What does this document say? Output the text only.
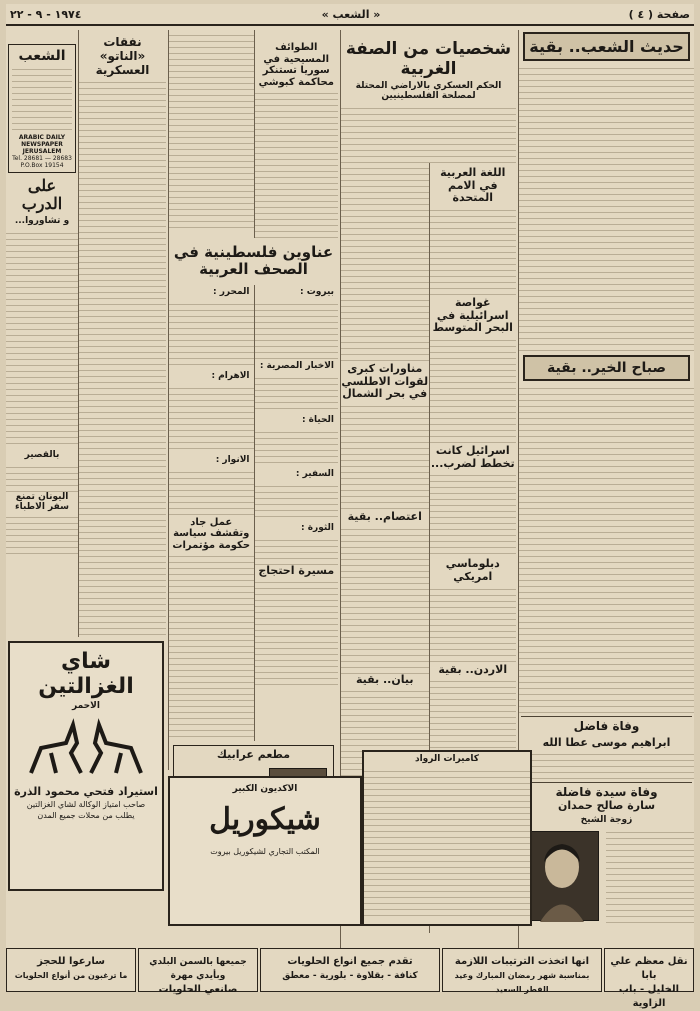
صفحة ( ٤ )
« الشعب »
١٩٧٤ - ٩ - ٢٢
حديث الشعب.. بقية
صباح الخير.. بقية
وفاة فاضل
ابراهيم موسى عطا الله
وفاة سيدة فاضلة
سارة صالح حمدان
زوجة الشيخ
شخصيات من الصفة الغربية
الحكم العسكري بالاراضي المحتلة لمصلحة الفلسطينيين
اللغة العربية في الامم المتحدة
غواصة اسرائيلية في البحر المتوسط
اسرائيل كانت تخطط لضرب...
دبلوماسي امريكي
الاردن.. بقية
مناورات كبرى لقوات الاطلسي في بحر الشمال
اعتصام.. بقية
بيان.. بقية
الطوائف المسيحية في سوريا تستنكر محاكمة كبوشي
عناوين فلسطينية في الصحف العربية
بيروت :
الاخبار المصرية :
الحياة :
السفير :
الثورة :
مسيرة احتجاج
المحرر :
الاهرام :
الانوار :
عمل جاد وتقشف سياسة حكومة مؤتمرات
مطعم عرابيك
نفقات «الناتو» العسكرية
الشعب
ARABIC DAILY NEWSPAPER JERUSALEM
Tel. 28681 — 28683
P.O.Box 19154
على الدرب
و تشاوروا...
بالقصير
اليونان تمنع سفر الاطباء
شاي الغزالتين
الاحمر
استيراد فتحي محمود الذرة
صاحب امتياز الوكالة لشاي الغزالتين
يطلب من محلات جميع المدن
الاكديون الكبير
شيكوريل
المكتب التجاري لشيكوريل بيروت
كاميرات الرواد
نقل معظم علي بابا
الخليل - باب الزاوية
انها اتخذت الترتيبات اللازمة
بمناسبة شهر رمضان المبارك وعيد الفطر السعيد
تقدم جميع انواع الحلويات
كنافة - بقلاوة - بلورية - معطق
جميعها بالسمن البلدي وبأيدي مهرة
صانعي الحلويات
سارعوا للحجز
ما ترغبون من أنواع الحلويات
